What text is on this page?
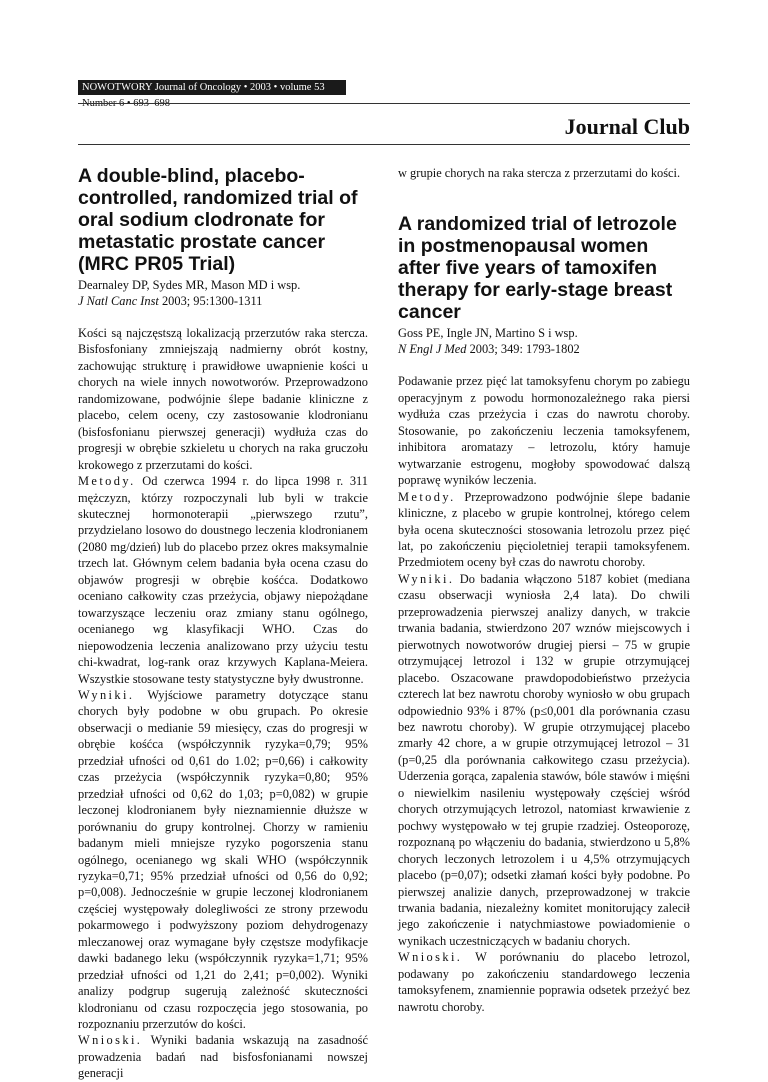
NOWOTWORY Journal of Oncology • 2003 • volume 53
Journal Club
A double-blind, placebo-controlled, randomized trial of oral sodium clodronate for metastatic prostate cancer (MRC PR05 Trial)

Dearnaley DP, Sydes MR, Mason MD i wsp.

J Natl Canc Inst 2003; 95:1300-1311

Kości są najczęstszą lokalizacją przerzutów raka stercza. Bisfosfoniany zmniejszają nadmierny obrót kostny, zachowując strukturę i prawidłowe uwapnienie kości u chorych na wiele innych nowotworów. Przeprowadzono randomizowane, podwójnie ślepe badanie kliniczne z placebo, celem oceny, czy zastosowanie klodronianu (bisfosfonianu pierwszej generacji) wydłuża czas do progresji w obrębie szkieletu u chorych na raka gruczołu krokowego z przerzutami do kości.

Metody. Od czerwca 1994 r. do lipca 1998 r. 311 mężczyzn, którzy rozpoczynali lub byli w trakcie skutecznej hormonoterapii „pierwszego rzutu”, przydzielano losowo do doustnego leczenia klodronianem (2080 mg/dzień) lub do placebo przez okres maksymalnie trzech lat. Głównym celem badania była ocena czasu do objawów progresji w obrębie kośćca. Dodatkowo oceniano całkowity czas przeżycia, objawy niepożądane towarzyszące leczeniu oraz zmiany stanu ogólnego, ocenianego wg klasyfikacji WHO. Czas do niepowodzenia leczenia analizowano przy użyciu testu chi-kwadrat, log-rank oraz krzywych Kaplana-Meiera. Wszystkie stosowane testy statystyczne były dwustronne.

Wyniki. Wyjściowe parametry dotyczące stanu chorych były podobne w obu grupach. Po okresie obserwacji o medianie 59 miesięcy, czas do progresji w obrębie kośćca (współczynnik ryzyka=0,79; 95% przedział ufności od 0,61 do 1.02; p=0,66) i całkowity czas przeżycia (współczynnik ryzyka=0,80; 95% przedział ufności od 0,62 do 1,03; p=0,082) w grupie leczonej klodronianem były nieznamiennie dłuższe w porównaniu do grupy kontrolnej. Chorzy w ramieniu badanym mieli mniejsze ryzyko pogorszenia stanu ogólnego, ocenianego wg skali WHO (współczynnik ryzyka=0,71; 95% przedział ufności od 0,56 do 0,92; p=0,008). Jednocześnie w grupie leczonej klodronianem częściej występowały dolegliwości ze strony przewodu pokarmowego i podwyższony poziom dehydrogenazy mleczanowej oraz wymagane były częstsze modyfikacje dawki badanego leku (współczynnik ryzyka=1,71; 95% przedział ufności od 1,21 do 2,41; p=0,002). Wyniki analizy podgrup sugerują zależność skuteczności klodronianu od czasu rozpoczęcia jego stosowania, po rozpoznaniu przerzutów do kości.

Wnioski. Wyniki badania wskazują na zasadność prowadzenia badań nad bisfosfonianami nowszej generacji

w grupie chorych na raka stercza z przerzutami do kości.

A randomized trial of letrozole in postmenopausal women after five years of tamoxifen therapy for early-stage breast cancer

Goss PE, Ingle JN, Martino S i wsp.

N Engl J Med 2003; 349: 1793-1802

Podawanie przez pięć lat tamoksyfenu chorym po zabiegu operacyjnym z powodu hormonozależnego raka piersi wydłuża czas przeżycia i czas do nawrotu choroby. Stosowanie, po zakończeniu leczenia tamoksyfenem, inhibitora aromatazy – letrozolu, który hamuje wytwarzanie estrogenu, mogłoby spowodować dalszą poprawę wyników leczenia.

Metody. Przeprowadzono podwójnie ślepe badanie kliniczne, z placebo w grupie kontrolnej, którego celem była ocena skuteczności stosowania letrozolu przez pięć lat, po zakończeniu pięcioletniej terapii tamoksyfenem. Przedmiotem oceny był czas do nawrotu choroby.

Wyniki. Do badania włączono 5187 kobiet (mediana czasu obserwacji wyniosła 2,4 lata). Do chwili przeprowadzenia pierwszej analizy danych, w trakcie trwania badania, stwierdzono 207 wznów miejscowych i pierwotnych nowotworów drugiej piersi – 75 w grupie otrzymującej letrozol i 132 w grupie otrzymującej placebo. Oszacowane prawdopodobieństwo przeżycia czterech lat bez nawrotu choroby wyniosło w obu grupach odpowiednio 93% i 87% (p≤0,001 dla porównania czasu bez nawrotu choroby). W grupie otrzymującej placebo zmarły 42 chore, a w grupie otrzymującej letrozol – 31 (p=0,25 dla porównania całkowitego czasu przeżycia). Uderzenia gorąca, zapalenia stawów, bóle stawów i mięśni o niewielkim nasileniu występowały częściej wśród chorych otrzymujących letrozol, natomiast krwawienie z pochwy występowało w tej grupie rzadziej. Osteoporozę, rozpoznaną po włączeniu do badania, stwierdzono u 5,8% chorych leczonych letrozolem i u 4,5% otrzymujących placebo (p=0,07); odsetki złamań kości były podobne. Po pierwszej analizie danych, przeprowadzonej w trakcie trwania badania, niezależny komitet monitorujący zalecił jego zakończenie i natychmiastowe powiadomienie o wynikach uczestniczących w badaniu chorych.

Wnioski. W porównaniu do placebo letrozol, podawany po zakończeniu standardowego leczenia tamoksyfenem, znamiennie poprawia odsetek przeżyć bez nawrotu choroby.
